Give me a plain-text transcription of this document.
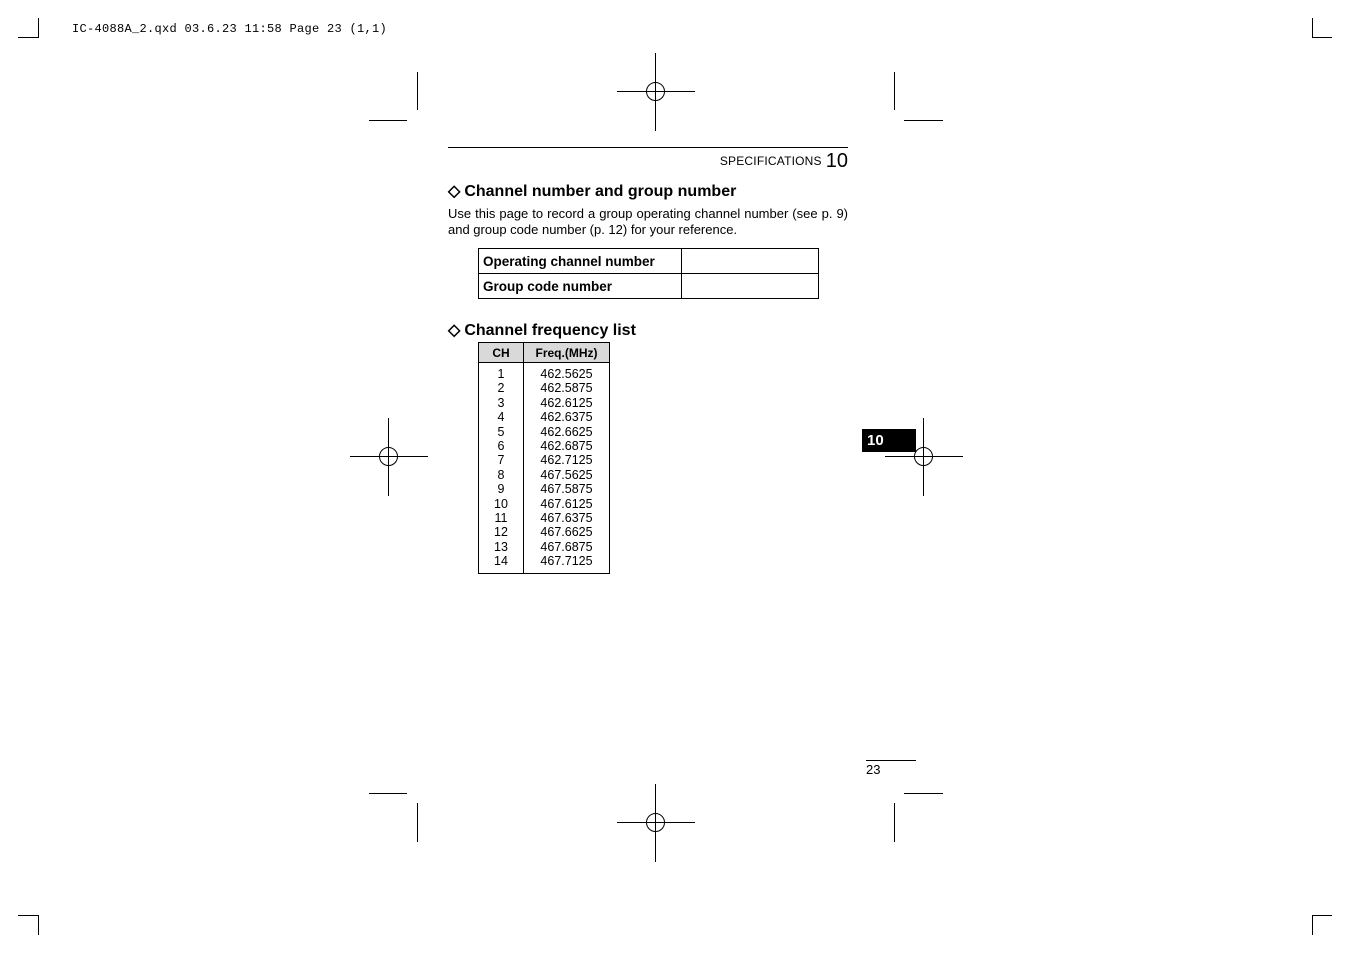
IC-4088A_2.qxd 03.6.23 11:58 Page 23 (1,1)
SPECIFICATIONS 10
◇ Channel number and group number
Use this page to record a group operating channel number (see p. 9) and group code number (p. 12) for your reference.
Operating channel number	
Group code number	
◇ Channel frequency list
CH	Freq.(MHz)
1	462.5625
2	462.5875
3	462.6125
4	462.6375
5	462.6625
6	462.6875
7	462.7125
8	467.5625
9	467.5875
10	467.6125
11	467.6375
12	467.6625
13	467.6875
14	467.7125
10
23
